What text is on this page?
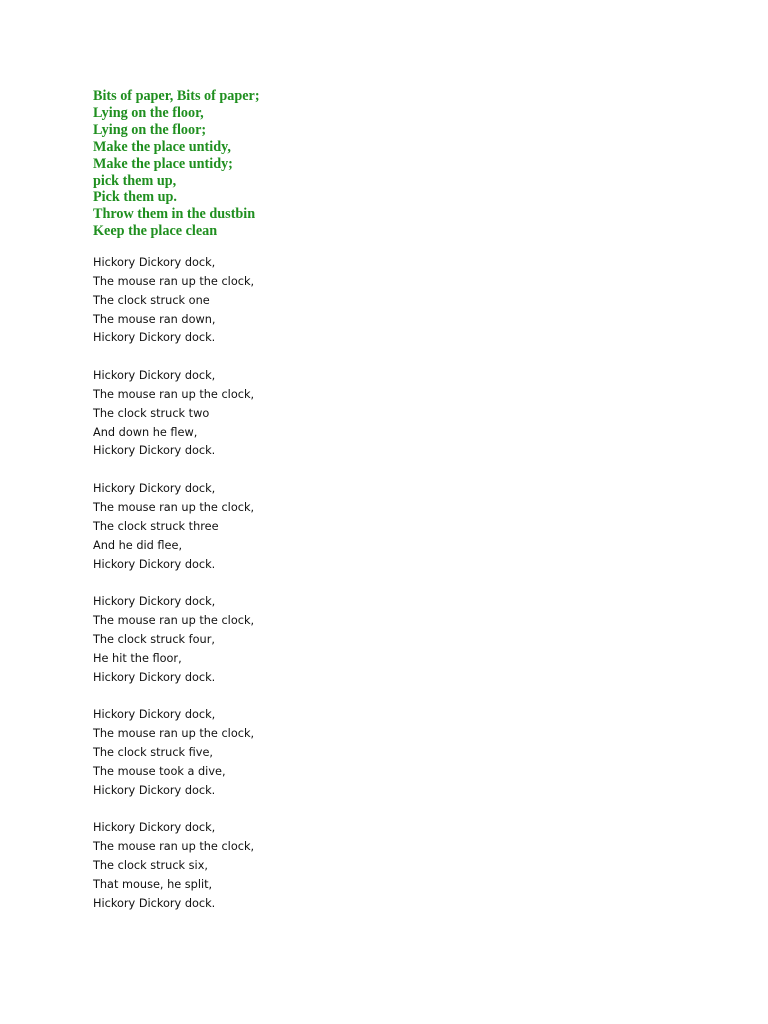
Bits of paper, Bits of paper;
Lying on the floor,
Lying on the floor;
Make the place untidy,
Make the place untidy;
pick them up,
Pick them up.
Throw them in the dustbin
Keep the place clean
Hickory Dickory dock,
The mouse ran up the clock,
The clock struck one
The mouse ran down,
Hickory Dickory dock.
Hickory Dickory dock,
The mouse ran up the clock,
The clock struck two
And down he flew,
Hickory Dickory dock.
Hickory Dickory dock,
The mouse ran up the clock,
The clock struck three
And he did flee,
Hickory Dickory dock.
Hickory Dickory dock,
The mouse ran up the clock,
The clock struck four,
He hit the floor,
Hickory Dickory dock.
Hickory Dickory dock,
The mouse ran up the clock,
The clock struck five,
The mouse took a dive,
Hickory Dickory dock.
Hickory Dickory dock,
The mouse ran up the clock,
The clock struck six,
That mouse, he split,
Hickory Dickory dock.
